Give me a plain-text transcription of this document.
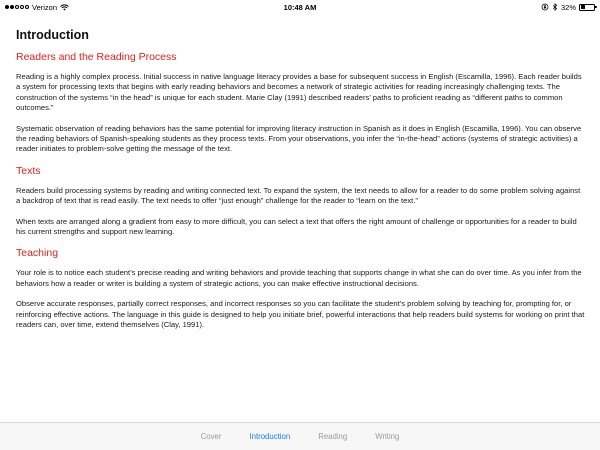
Verizon	10:48 AM	32%
Introduction
Readers and the Reading Process

Reading is a highly complex process. Initial success in native language literacy provides a base for subsequent success in English (Escamilla, 1996). Each reader builds a system for processing texts that begins with early reading behaviors and becomes a network of strategic activities for reading increasingly challenging texts. The construction of the systems “in the head” is unique for each student. Marie Clay (1991) described readers’ paths to proficient reading as “different paths to common outcomes.”

Systematic observation of reading behaviors has the same potential for improving literacy instruction in Spanish as it does in English (Escamilla, 1996). You can observe the reading behaviors of Spanish-speaking students as they process texts. From your observations, you infer the “in-the-head” actions (systems of strategic activities) a reader initiates to problem-solve getting the message of the text.

Texts

Readers build processing systems by reading and writing connected text. To expand the system, the text needs to allow for a reader to do some problem solving against a backdrop of text that is read easily. The text needs to offer “just enough” challenge for the reader to “learn on the text.”

When texts are arranged along a gradient from easy to more difficult, you can select a text that offers the right amount of challenge or opportunities for a reader to build his current strengths and support new learning.

Teaching

Your role is to notice each student’s precise reading and writing behaviors and provide teaching that supports change in what she can do over time. As you infer from the behaviors how a reader or writer is building a system of strategic actions, you can make effective instructional decisions.

Observe accurate responses, partially correct responses, and incorrect responses so you can facilitate the student’s problem solving by teaching for, prompting for, or reinforcing effective actions. The language in this guide is designed to help you initiate brief, powerful interactions that help readers build systems for working on print that readers can, over time, extend themselves (Clay, 1991).

Cover	Introduction	Reading	Writing
